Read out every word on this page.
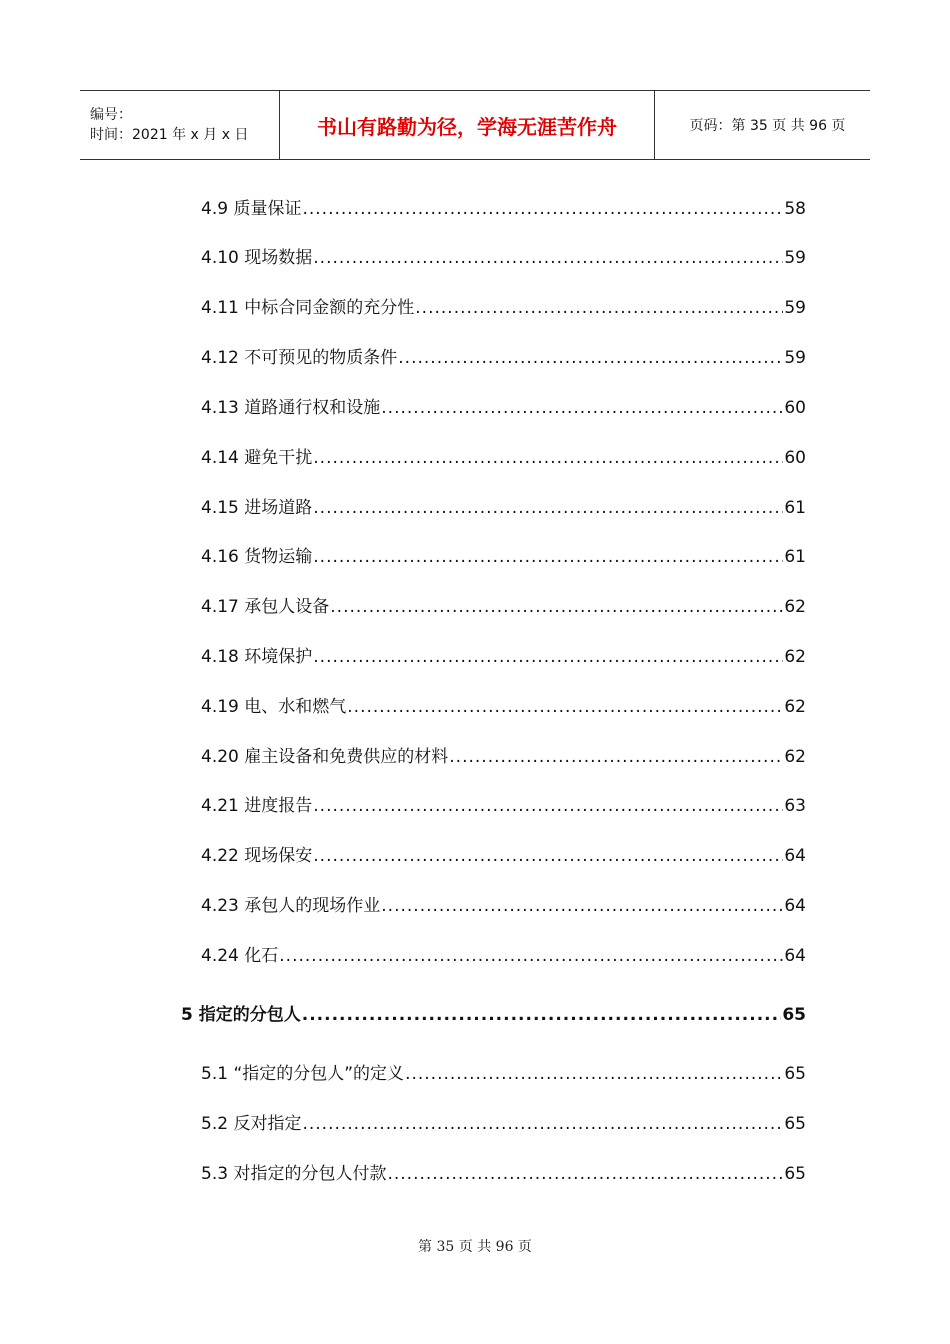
编号：
时间：2021 年 x 月 x 日	书山有路勤为径，学海无涯苦作舟	页码：第 35 页 共 96 页
4.9 质量保证 .....	58
4.10 现场数据 .....	59
4.11 中标合同金额的充分性 .....	59
4.12 不可预见的物质条件 .....	59
4.13 道路通行权和设施 .....	60
4.14 避免干扰 .....	60
4.15 进场道路 .....	61
4.16 货物运输 .....	61
4.17 承包人设备 .....	62
4.18 环境保护 .....	62
4.19 电、水和燃气 .....	62
4.20 雇主设备和免费供应的材料 .....	62
4.21 进度报告 .....	63
4.22 现场保安 .....	64
4.23 承包人的现场作业 .....	64
4.24 化石 .....	64
5 指定的分包人 .....	65
5.1 “指定的分包人”的定义 .....	65
5.2 反对指定 .....	65
5.3 对指定的分包人付款 .....	65
第 35 页 共 96 页
